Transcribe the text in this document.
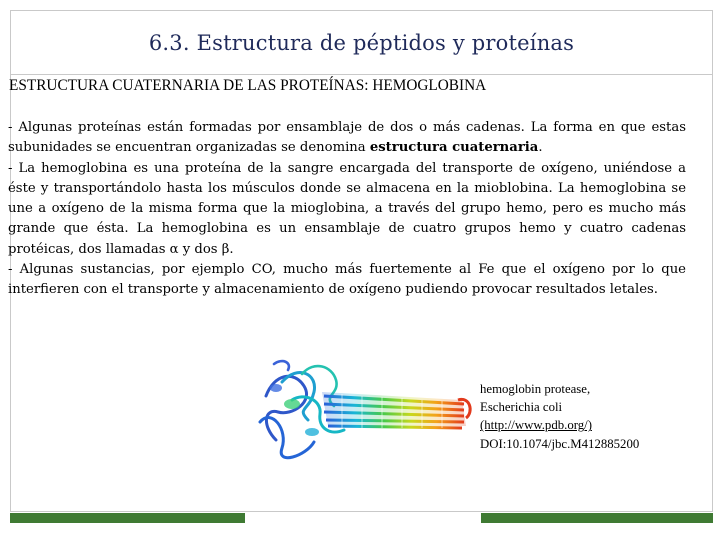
6.3. Estructura de péptidos y proteínas
ESTRUCTURA CUATERNARIA DE LAS PROTEÍNAS: HEMOGLOBINA

- Algunas proteínas están formadas por ensamblaje de dos o más cadenas. La forma en que estas subunidades se encuentran organizadas se denomina estructura cuaternaria.

- La hemoglobina es una proteína de la sangre encargada del transporte de oxígeno, uniéndose a éste y transportándolo hasta los músculos donde se almacena en la mioblobina. La hemoglobina se une a oxígeno de la misma forma que la mioglobina, a través del grupo hemo, pero es mucho más grande que ésta. La hemoglobina es un ensamblaje de cuatro grupos hemo y cuatro cadenas protéicas, dos llamadas α y dos β.

- Algunas sustancias, por ejemplo CO, mucho más fuertemente al Fe que el oxígeno por lo que interfieren con el transporte y almacenamiento de oxígeno pudiendo provocar resultados letales.

hemoglobin protease,
Escherichia coli
(http://www.pdb.org/)
DOI:10.1074/jbc.M412885200
